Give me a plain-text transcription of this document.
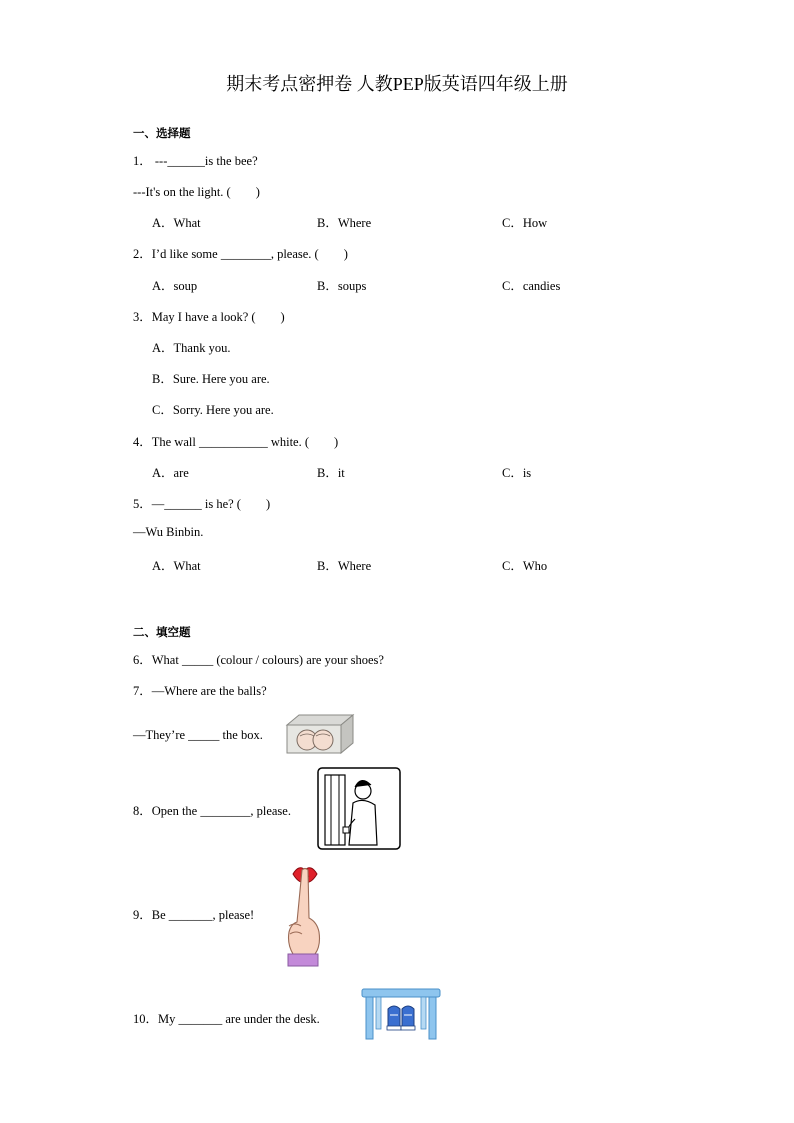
期末考点密押卷 人教PEP版英语四年级上册
一、选择题
1． ---______is the bee?
---It's on the light. (　　)
A．What	B．Where	C．How
2．I’d like some ________, please. (　　)
A．soup	B．soups	C．candies
3．May I have a look? (　　)
A．Thank you.
B．Sure. Here you are.
C．Sorry. Here you are.
4．The wall ___________ white. (　　)
A．are	B．it	C．is
5．—______ is he? (　　)
—Wu Binbin.
A．What	B．Where	C．Who
二、填空题
6．What _____ (colour / colours) are your shoes?
7．—Where are the balls?
—They’re _____ the box.
8．Open the ________, please.
9．Be _______, please!
10．My _______ are under the desk.
